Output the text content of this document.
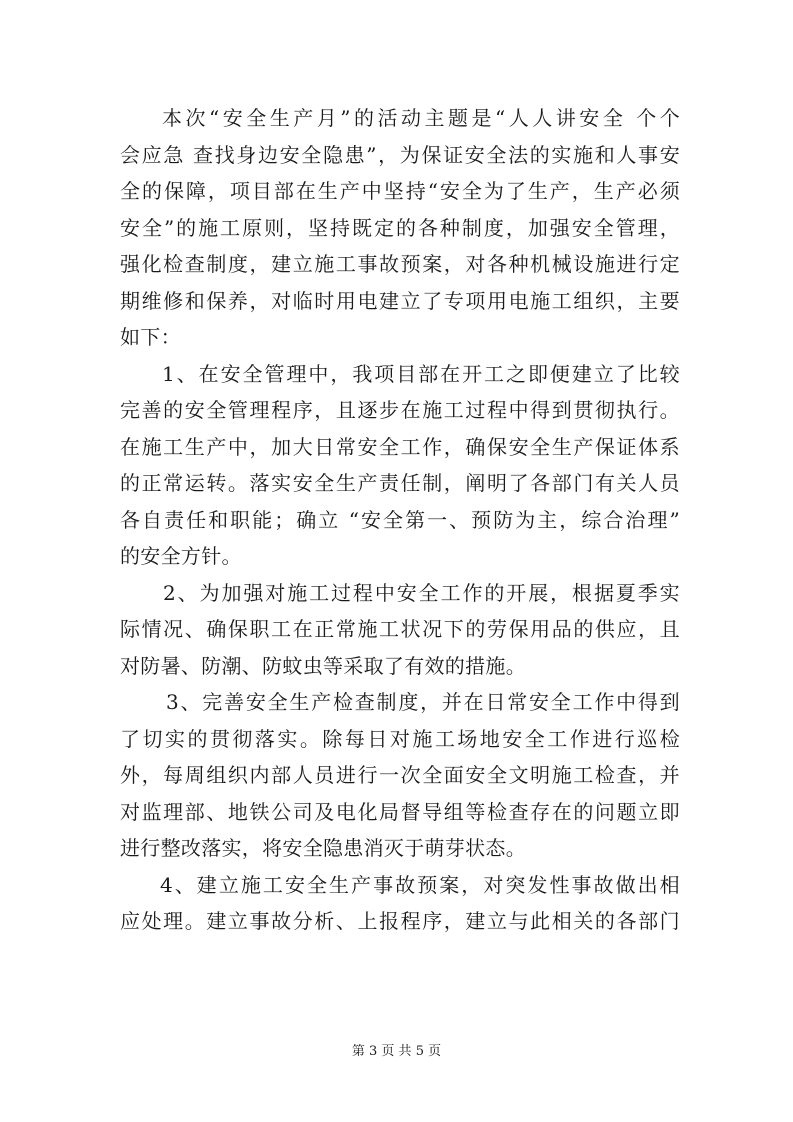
本次“安全生产月”的活动主题是“人人讲安全 个个
会应急 查找身边安全隐患”，为保证安全法的实施和人事安
全的保障，项目部在生产中坚持“安全为了生产，生产必须
安全”的施工原则，坚持既定的各种制度，加强安全管理，
强化检查制度，建立施工事故预案，对各种机械设施进行定
期维修和保养，对临时用电建立了专项用电施工组织，主要
如下：
1、在安全管理中，我项目部在开工之即便建立了比较
完善的安全管理程序，且逐步在施工过程中得到贯彻执行。
在施工生产中，加大日常安全工作，确保安全生产保证体系
的正常运转。落实安全生产责任制，阐明了各部门有关人员
各自责任和职能；确立 “安全第一、预防为主，综合治理”
的安全方针。
2、为加强对施工过程中安全工作的开展，根据夏季实
际情况、确保职工在正常施工状况下的劳保用品的供应，且
对防暑、防潮、防蚊虫等采取了有效的措施。
3、完善安全生产检查制度，并在日常安全工作中得到
了切实的贯彻落实。除每日对施工场地安全工作进行巡检
外，每周组织内部人员进行一次全面安全文明施工检查，并
对监理部、地铁公司及电化局督导组等检查存在的问题立即
进行整改落实，将安全隐患消灭于萌芽状态。
4、建立施工安全生产事故预案，对突发性事故做出相
应处理。建立事故分析、上报程序，建立与此相关的各部门
第 3 页 共 5 页
